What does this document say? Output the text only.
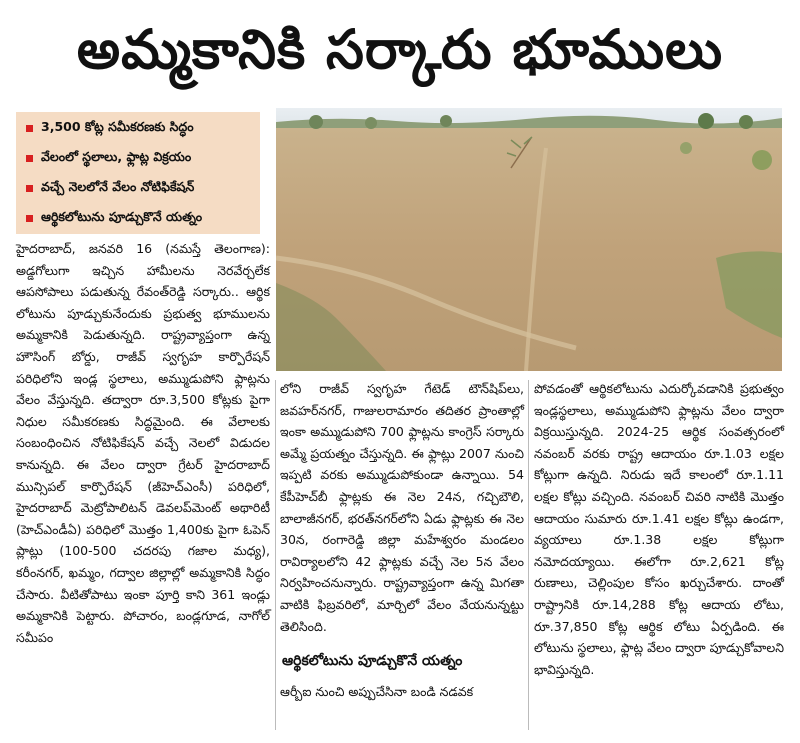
అమ్మకానికి సర్కారు భూములు
3,500 కోట్ల సమీకరణకు సిద్ధం
వేలంలో స్థలాలు, ఫ్లాట్ల విక్రయం
వచ్చే నెలలోనే వేలం నోటిఫికేషన్
ఆర్థికలోటును పూడ్చుకొనే యత్నం

హైదరాబాద్, జనవరి 16 (నమస్తే తెలంగాణ): అడ్డగోలుగా ఇచ్చిన హామీలను నెరవేర్చలేక ఆపసోపాలు పడుతున్న రేవంత్‌రెడ్డి సర్కారు.. ఆర్థిక లోటును పూడ్చుకునేందుకు ప్రభుత్వ భూములను అమ్మకానికి పెడుతున్నది. రాష్ట్రవ్యాప్తంగా ఉన్న హౌసింగ్ బోర్డు, రాజీవ్ స్వగృహ కార్పొరేషన్ పరిధిలోని ఇండ్ల స్థలాలు, అమ్ముడుపోని ఫ్లాట్లను వేలం వేస్తున్నది. తద్వారా రూ.3,500 కోట్లకు పైగా నిధుల సమీకరణకు సిద్ధమైంది. ఈ వేలాలకు సంబంధించిన నోటిఫికేషన్ వచ్చే నెలలో విడుదల కానున్నది. ఈ వేలం ద్వారా గ్రేటర్ హైదరాబాద్ మున్సిపల్ కార్పొరేషన్ (జీహెచ్‌ఎంసీ) పరిధిలో, హైదరాబాద్ మెట్రోపాలిటన్ డెవలప్‌మెంట్ అథారిటీ (హెచ్‌ఎండీఏ) పరిధిలో మొత్తం 1,400కు పైగా ఓపెన్ ప్లాట్లు (100-500 చదరపు గజాల మధ్య), కరీంనగర్, ఖమ్మం, గద్వాల జిల్లాల్లో అమ్మకానికి సిద్ధం చేసారు. వీటితోపాటు ఇంకా పూర్తి కాని 361 ఇండ్లు అమ్మకానికి పెట్టారు. పోచారం, బండ్లగూడ, నాగోల్ సమీపం

లోని రాజీవ్ స్వగృహ గేటెడ్ టౌన్‌షిప్‌లు, జవహర్‌నగర్, గాజులరామారం తదితర ప్రాంతాల్లో ఇంకా అమ్ముడుపోని 700 ఫ్లాట్లను కాంగ్రెస్ సర్కారు అమ్మే ప్రయత్నం చేస్తున్నది. ఈ ఫ్లాట్లు 2007 నుంచి ఇప్పటి వరకు అమ్ముడుపోకుండా ఉన్నాయి. 54 కేపీహెచ్‌బీ ఫ్లాట్లకు ఈ నెల 24న, గచ్చిబౌలి, బాలాజీనగర్, భరత్‌నగర్‌లోని ఏడు ఫ్లాట్లకు ఈ నెల 30న, రంగారెడ్డి జిల్లా మహేశ్వరం మండలం రావిర్యాలలోని 42 ఫ్లాట్లకు వచ్చే నెల 5న వేలం నిర్వహించనున్నారు. రాష్ట్రవ్యాప్తంగా ఉన్న మిగతా వాటికి ఫిబ్రవరిలో, మార్చిలో వేలం వేయనున్నట్టు తెలిసింది.

ఆర్థికలోటును పూడ్చుకొనే యత్నం

ఆర్బీఐ నుంచి అప్పుచేసినా బండి నడవక

పోవడంతో ఆర్థికలోటును ఎదుర్కోవడానికి ప్రభుత్వం ఇండ్లస్థలాలు, అమ్ముడుపోని ఫ్లాట్లను వేలం ద్వారా విక్రయిస్తున్నది. 2024-25 ఆర్థిక సంవత్సరంలో నవంబర్ వరకు రాష్ట్ర ఆదాయం రూ.1.03 లక్షల కోట్లుగా ఉన్నది. నిరుడు ఇదే కాలంలో రూ.1.11 లక్షల కోట్లు వచ్చింది. నవంబర్ చివరి నాటికి మొత్తం ఆదాయం సుమారు రూ.1.41 లక్షల కోట్లు ఉండగా, వ్యయాలు రూ.1.38 లక్షల కోట్లుగా నమోదయ్యాయి. ఈలోగా రూ.2,621 కోట్ల రుణాలు, చెల్లింపుల కోసం ఖర్చుచేశారు. దాంతో రాష్ట్రానికి రూ.14,288 కోట్ల ఆదాయ లోటు, రూ.37,850 కోట్ల ఆర్థిక లోటు ఏర్పడింది. ఈ లోటును స్థలాలు, ఫ్లాట్ల వేలం ద్వారా పూడ్చుకోవాలని భావిస్తున్నది.
